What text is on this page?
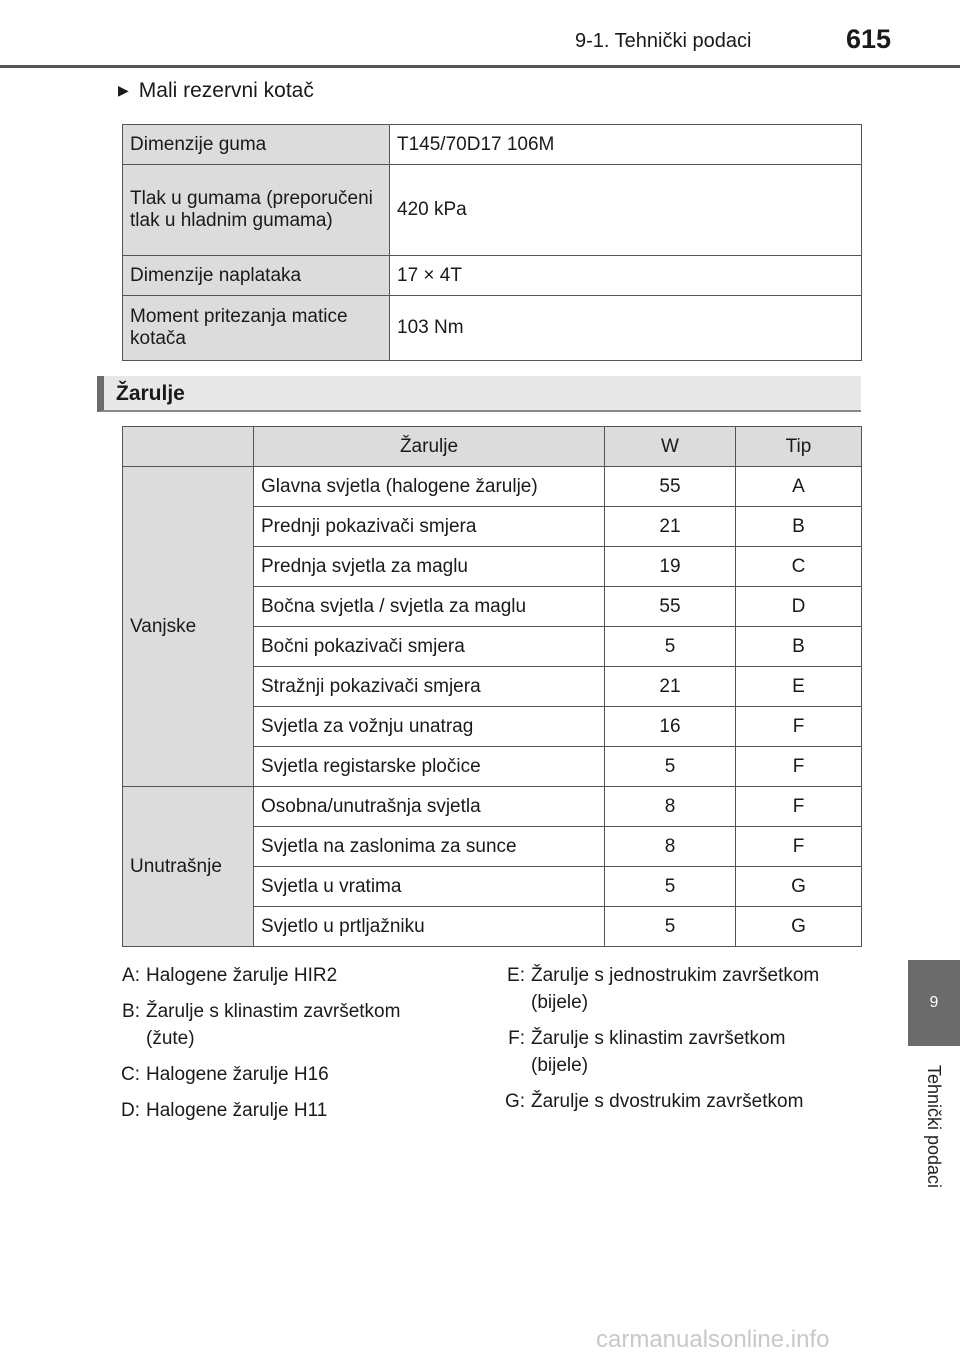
9-1. Tehnički podaci	615
9
Tehnički podaci
▶ Mali rezervni kotač
Dimenzije guma	T145/70D17 106M
Tlak u gumama (preporučeni tlak u hladnim gumama)	420 kPa
Dimenzije naplataka	17 × 4T
Moment pritezanja matice kotača	103 Nm
Žarulje
	Žarulje	W	Tip
Vanjske	Glavna svjetla (halogene žarulje)	55	A
	Prednji pokazivači smjera	21	B
	Prednja svjetla za maglu	19	C
	Bočna svjetla / svjetla za maglu	55	D
	Bočni pokazivači smjera	5	B
	Stražnji pokazivači smjera	21	E
	Svjetla za vožnju unatrag	16	F
	Svjetla registarske pločice	5	F
Unutrašnje	Osobna/unutrašnja svjetla	8	F
	Svjetla na zaslonima za sunce	8	F
	Svjetla u vratima	5	G
	Svjetlo u prtljažniku	5	G
A: Halogene žarulje HIR2
B: Žarulje s klinastim završetkom (žute)
C: Halogene žarulje H16
D: Halogene žarulje H11
E: Žarulje s jednostrukim završetkom (bijele)
F: Žarulje s klinastim završetkom (bijele)
G: Žarulje s dvostrukim završetkom
carmanualsonline.info
